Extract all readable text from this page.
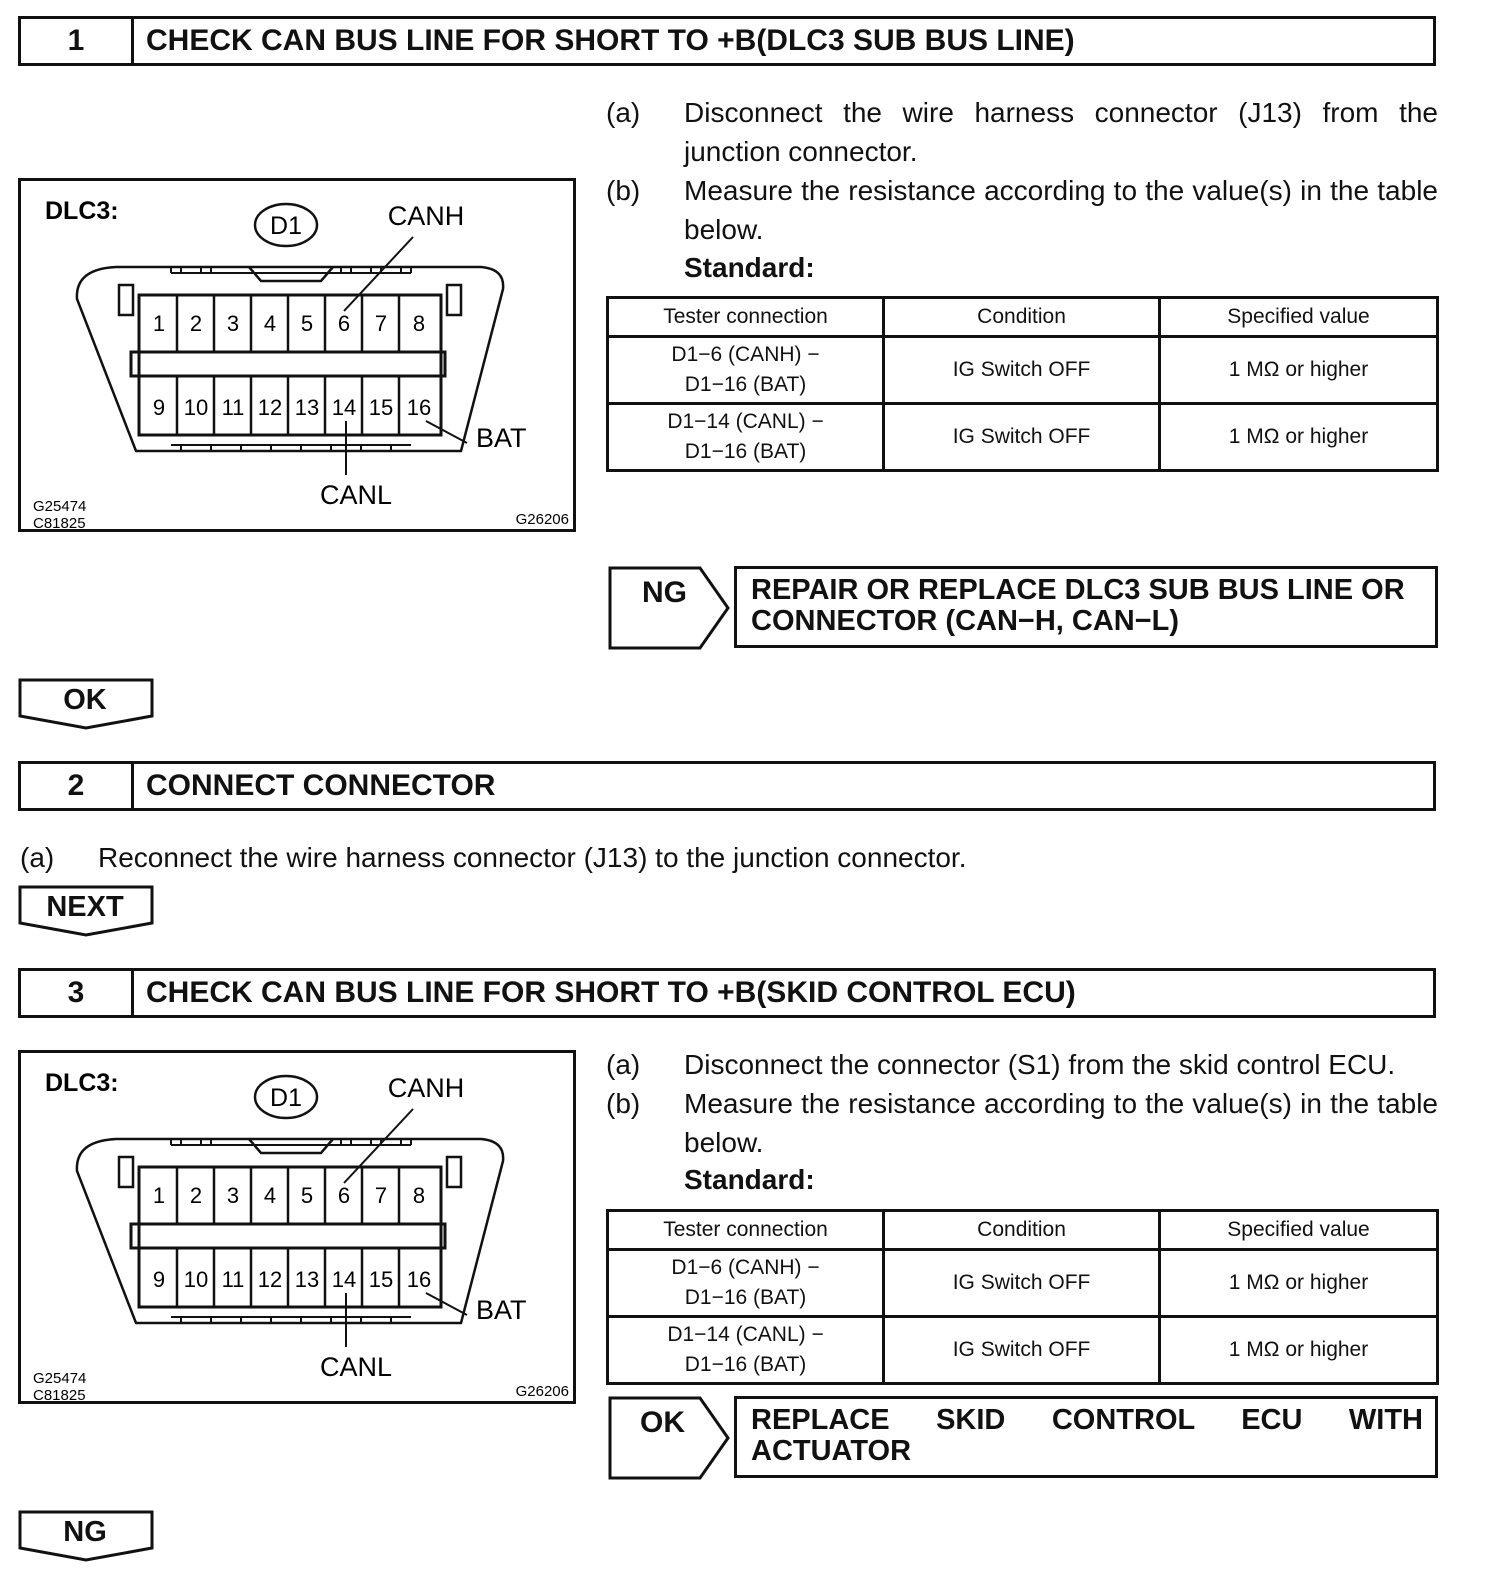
1	CHECK CAN BUS LINE FOR SHORT TO +B(DLC3 SUB BUS LINE)
(a) Disconnect the wire harness connector (J13) from the junction connector.
(b) Measure the resistance according to the value(s) in the table below.
Standard:
Tester connection	Condition	Specified value
D1−6 (CANH) −
D1−16 (BAT)	IG Switch OFF	1 MΩ or higher
D1−14 (CANL) −
D1−16 (BAT)	IG Switch OFF	1 MΩ or higher
DLC3:
D1	CANH
1 2 3 4 5 6 7 8
9 10 11 12 13 14 15 16
BAT
CANL
G25474
C81825	G26206
NG REPAIR OR REPLACE DLC3 SUB BUS LINE OR
CONNECTOR (CAN−H, CAN−L)
OK
2	CONNECT CONNECTOR
(a) Reconnect the wire harness connector (J13) to the junction connector.
NEXT
3	CHECK CAN BUS LINE FOR SHORT TO +B(SKID CONTROL ECU)
(a) Disconnect the connector (S1) from the skid control ECU.
(b) Measure the resistance according to the value(s) in the table below.
Standard:
Tester connection	Condition	Specified value
D1−6 (CANH) −
D1−16 (BAT)	IG Switch OFF	1 MΩ or higher
D1−14 (CANL) −
D1−16 (BAT)	IG Switch OFF	1 MΩ or higher
DLC3:
D1	CANH
1 2 3 4 5 6 7 8
9 10 11 12 13 14 15 16
BAT
CANL
G25474
C81825	G26206
OK REPLACE SKID CONTROL ECU WITH
ACTUATOR
NG
